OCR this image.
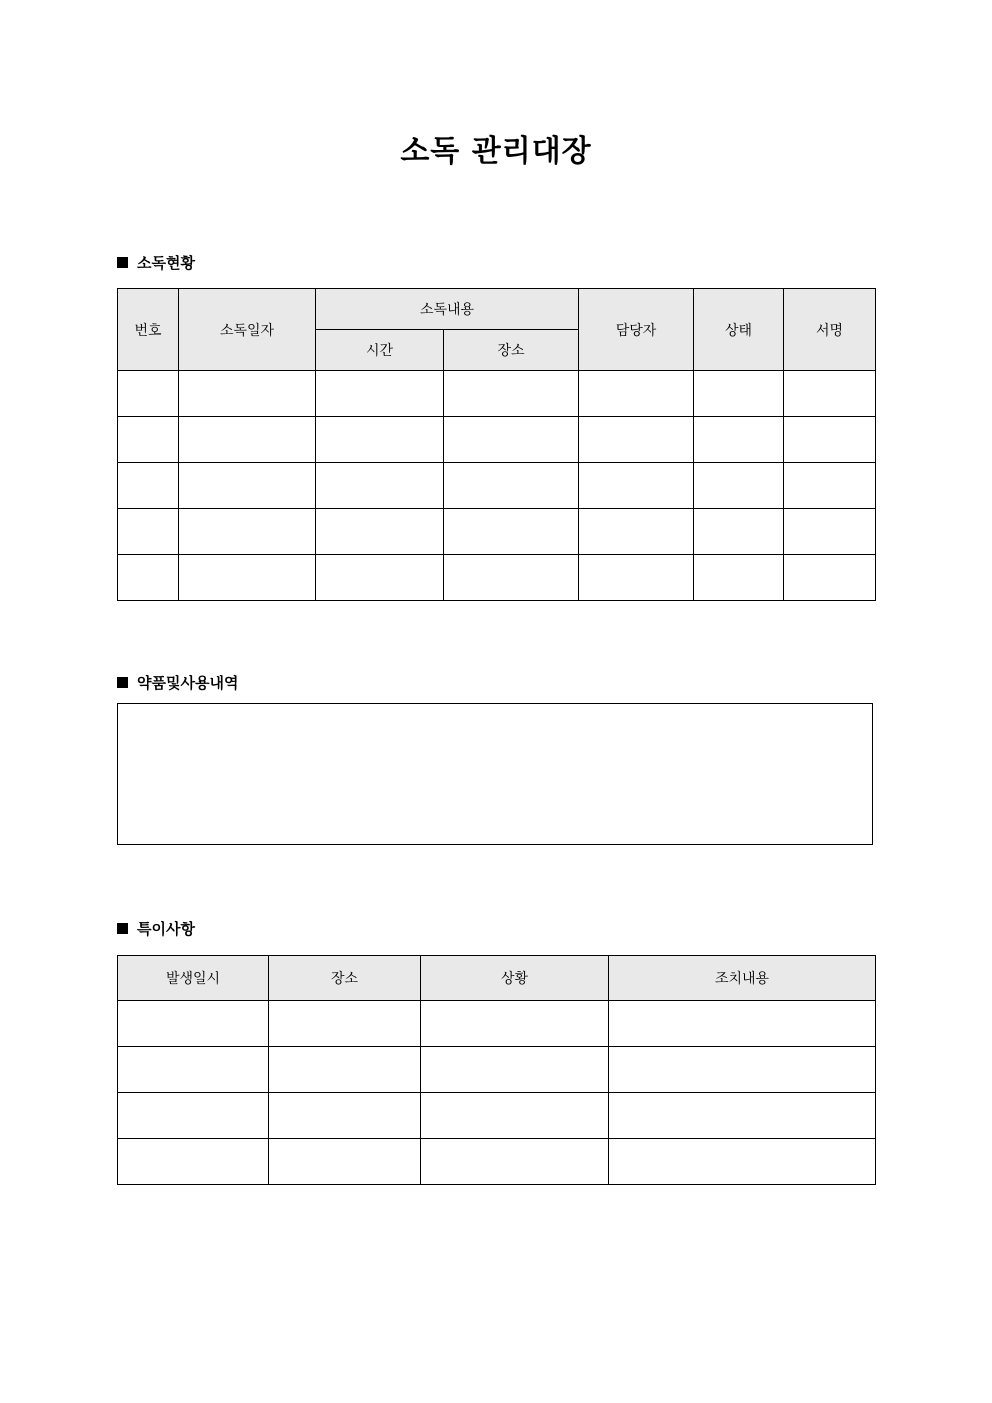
소독 관리대장
소독현황
번호	소독일자	소독내용		담당자	상태	서명
		시간	장소			

약품및사용내역
특이사항
발생일시	장소	상황	조치내용
